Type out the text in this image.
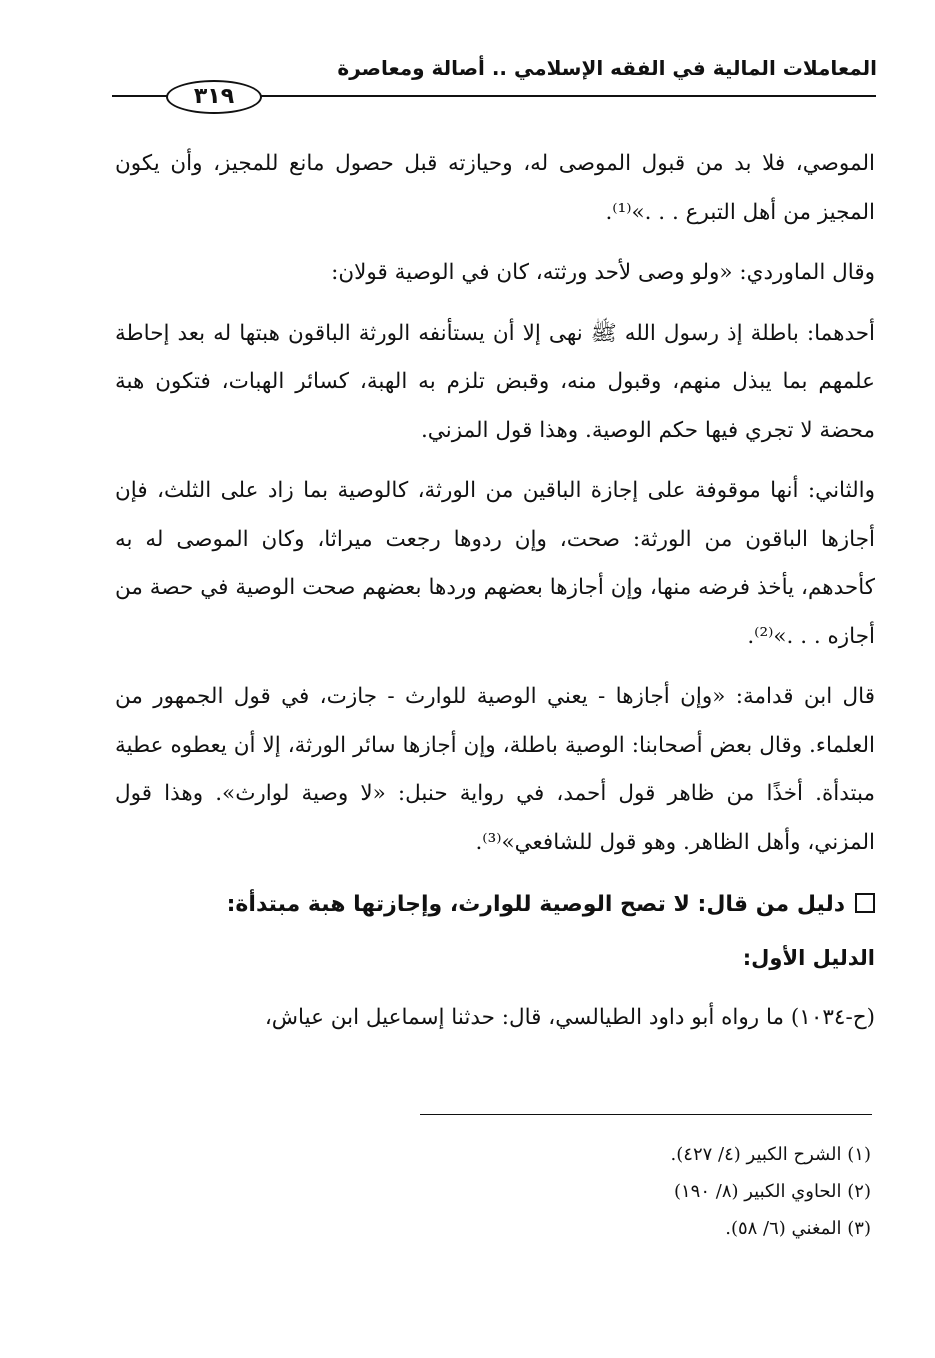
المعاملات المالية في الفقه الإسلامي .. أصالة ومعاصرة
٣١٩

الموصي، فلا بد من قبول الموصى له، وحيازته قبل حصول مانع للمجيز، وأن يكون المجيز من أهل التبرع . . .»⁽¹⁾.

وقال الماوردي: «ولو وصى لأحد ورثته، كان في الوصية قولان:

أحدهما: باطلة إذ رسول الله ﷺ نهى إلا أن يستأنفه الورثة الباقون هبتها له بعد إحاطة علمهم بما يبذل منهم، وقبول منه، وقبض تلزم به الهبة، كسائر الهبات، فتكون هبة محضة لا تجري فيها حكم الوصية. وهذا قول المزني.

والثاني: أنها موقوفة على إجازة الباقين من الورثة، كالوصية بما زاد على الثلث، فإن أجازها الباقون من الورثة: صحت، وإن ردوها رجعت ميراثا، وكان الموصى له به كأحدهم، يأخذ فرضه منها، وإن أجازها بعضهم وردها بعضهم صحت الوصية في حصة من أجازه . . .»⁽²⁾.

قال ابن قدامة: «وإن أجازها - يعني الوصية للوارث - جازت، في قول الجمهور من العلماء. وقال بعض أصحابنا: الوصية باطلة، وإن أجازها سائر الورثة، إلا أن يعطوه عطية مبتدأة. أخذًا من ظاهر قول أحمد، في رواية حنبل: «لا وصية لوارث». وهذا قول المزني، وأهل الظاهر. وهو قول للشافعي»⁽³⁾.

دليل من قال: لا تصح الوصية للوارث، وإجازتها هبة مبتدأة:
الدليل الأول:

(ح-١٠٣٤) ما رواه أبو داود الطيالسي، قال: حدثنا إسماعيل ابن عياش،

(١) الشرح الكبير (٤/ ٤٢٧).
(٢) الحاوي الكبير (٨/ ١٩٠)
(٣) المغني (٦/ ٥٨).
